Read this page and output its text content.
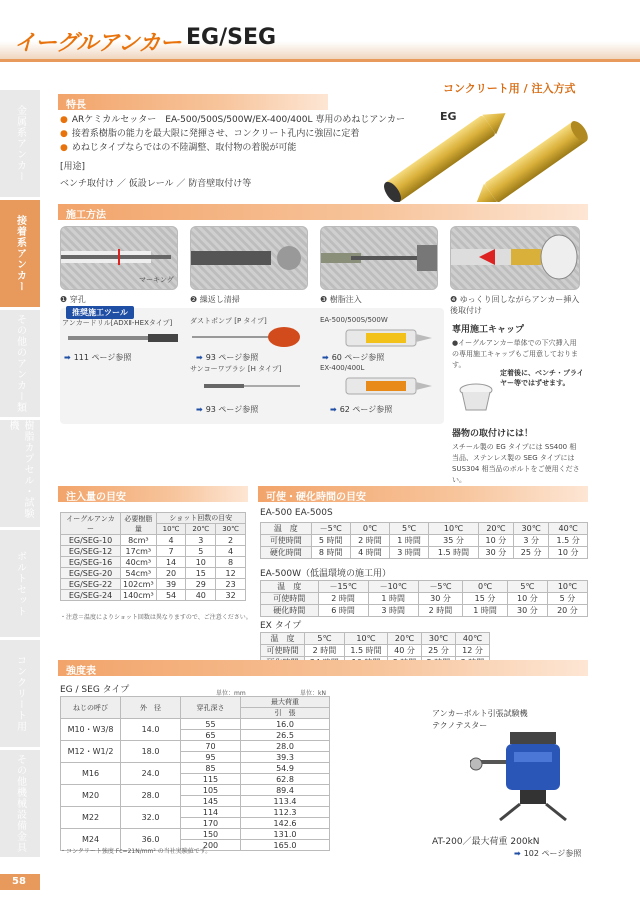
イーグルアンカー EG/SEG
コンクリート用 / 注入方式
金属系アンカー
接着系アンカー
その他のアンカー類
樹脂カプセル・試験機
ボルトセット
コンクリート用
その他機械設備金具
特長
● ARケミカルセッター　EA-500/500S/500W/EX-400/400L 専用のめねじアンカー
● 接着系樹脂の能力を最大限に発揮させ、コンクリート孔内に強固に定着
● めねじタイプならではの不陸調整、取付物の着脱が可能
[用途]
ベンチ取付け ／ 仮設レール ／ 防音壁取付け等
EG
施工方法
マーキング
❶ 穿孔	❷ 繰返し清掃	❸ 樹脂注入	❹ ゆっくり回しながらアンカー挿入後取付け
推奨施工ツール
アンカードリル[ADXⅡ-HEXタイプ]
➡ 111 ページ参照
ダストポンプ [P タイプ]
➡ 93 ページ参照
EA-500/500S/500W
➡ 60 ページ参照
サンコーワブラシ [H タイプ]
➡ 93 ページ参照
EX-400/400L
➡ 62 ページ参照
専用施工キャップ
●イーグルアンカー単体での下穴挿入用の専用施工キャップもご用意しております。
定着後に、ベンチ・プライヤー等ではずせます。
器物の取付けには！
スチール製の EG タイプには SS400 相当品、ステンレス製の SEG タイプには SUS304 相当品のボルトをご使用ください。
注入量の目安
イーグルアンカー	必要樹脂量	ショット回数の目安		
		10℃	20℃	30℃
EG/SEG-10	8cm³	4	3	2
EG/SEG-12	17cm³	7	5	4
EG/SEG-16	40cm³	14	10	8
EG/SEG-20	54cm³	20	15	12
EG/SEG-22	102cm³	39	29	23
EG/SEG-24	140cm³	54	40	32
・注意＝温度によりショット回数は異なりますので、ご注意ください。
可使・硬化時間の目安
EA-500 EA-500S
温　度	－5℃	0℃	5℃	10℃	20℃	30℃	40℃
可使時間	5 時間	2 時間	1 時間	35 分	10 分	3 分	1.5 分
硬化時間	8 時間	4 時間	3 時間	1.5 時間	30 分	25 分	10 分
EA-500W（低温環境の施工用）
温　度	－15℃	－10℃	－5℃	0℃	5℃	10℃
可使時間	2 時間	1 時間	30 分	15 分	10 分	5 分
硬化時間	6 時間	3 時間	2 時間	1 時間	30 分	20 分
EX タイプ
温　度	5℃	10℃	20℃	30℃	40℃
可使時間	2 時間	1.5 時間	40 分	25 分	12 分

強度表
EG / SEG タイプ	単位：mm	単位：kN
ねじの呼び	外　径	穿孔深さ	最大荷重
			引　張
M10・W3/8	14.0	55	16.0
		65	26.5
M12・W1/2	18.0	70	28.0
		95	39.3
M16	24.0	85	54.9
		115	62.8
M20	28.0	105	89.4
		145	113.4
M22	32.0	114	112.3
		170	142.6
M24	36.0	150	131.0
		200	165.0
・コンクリート強度 Fc=21N/mm² の当社実験値です。
アンカーボルト引張試験機
テクノテスター
AT-200／最大荷重 200kN
➡ 102 ページ参照
58
